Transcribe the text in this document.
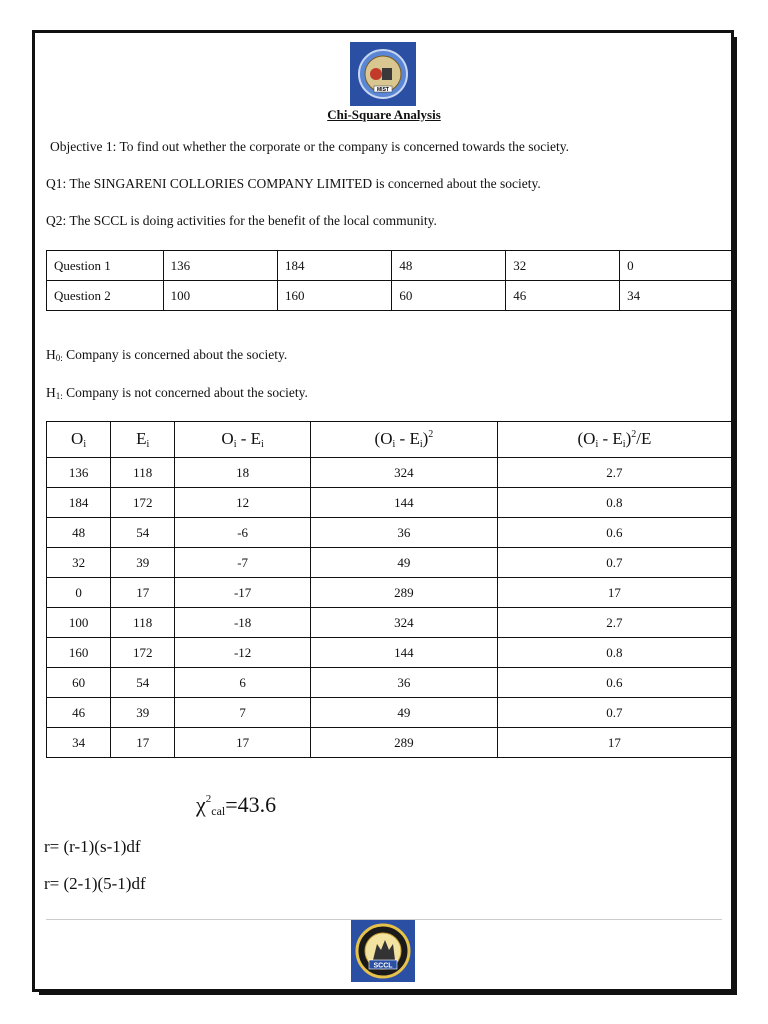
MIST
Chi-Square Analysis
Objective 1: To find out whether the corporate or the company is concerned towards the society.
Q1: The SINGARENI COLLORIES COMPANY LIMITED is concerned about the society.
Q2: The SCCL is doing activities for the benefit of the local community.
Question 1	136	184	48	32	0
Question 2	100	160	60	46	34
$H_{0:}$ Company is concerned about the society.
$H_{1:}$ Company is not concerned about the society.
$O_i$	$E_i$	$O_i - E_i$	$(O_i - E_i)^2$	$(O_i - E_i)^2/E$
136	118	18	324	2.7
184	172	12	144	0.8
48	54	-6	36	0.6
32	39	-7	49	0.7
0	17	-17	289	17
100	118	-18	324	2.7
160	172	-12	144	0.8
60	54	6	36	0.6
46	39	7	49	0.7
34	17	17	289	17
$\chi^2_{cal}=43.6$
r= (r-1)(s-1)df
r= (2-1)(5-1)df
SCCL
